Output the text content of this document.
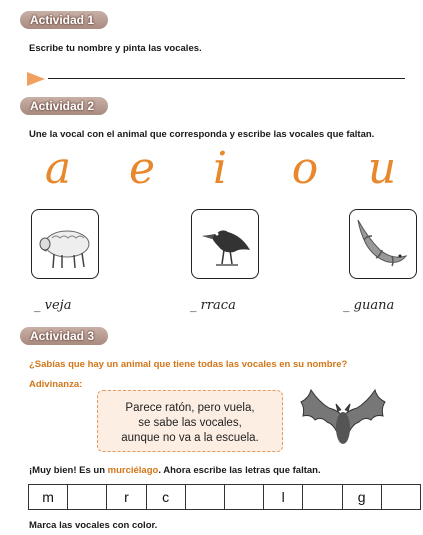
Actividad 1
Escribe tu nombre y pinta las vocales.
Actividad 2
Une la vocal con el animal que corresponda y escribe las vocales que faltan.
a e i o u
_ veja	_ rraca	_ guana
Actividad 3
¿Sabías que hay un animal que tiene todas las vocales en su nombre?
Adivinanza:
Parece ratón, pero vuela,
se sabe las vocales,
aunque no va a la escuela.
¡Muy bien! Es un murciélago. Ahora escribe las letras que faltan.
m		r	c			l		g	
Marca las vocales con color.
